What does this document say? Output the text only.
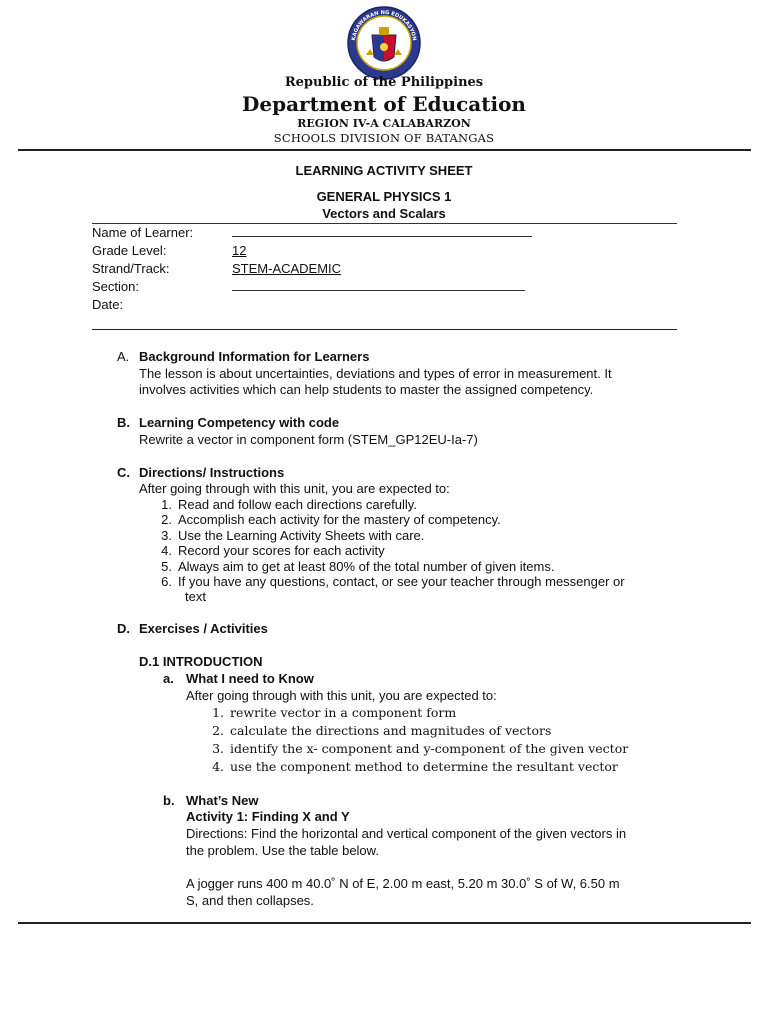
KAGAWARAN NG EDUKASYON
Republic of the Philippines
Department of Education
REGION IV-A CALABARZON
SCHOOLS DIVISION OF BATANGAS
LEARNING ACTIVITY SHEET
GENERAL PHYSICS 1
Vectors and Scalars
Name of Learner:
Grade Level:	12
Strand/Track:	STEM-ACADEMIC
Section:
Date:
A. Background Information for Learners
The lesson is about uncertainties, deviations and types of error in measurement. It
involves activities which can help students to master the assigned competency.
B. Learning Competency with code
Rewrite a vector in component form (STEM_GP12EU-Ia-7)
C. Directions/ Instructions
After going through with this unit, you are expected to:
1. Read and follow each directions carefully.
2. Accomplish each activity for the mastery of competency.
3. Use the Learning Activity Sheets with care.
4. Record your scores for each activity
5. Always aim to get at least 80% of the total number of given items.
6. If you have any questions, contact, or see your teacher through messenger or
text
D. Exercises / Activities
D.1 INTRODUCTION
a. What I need to Know
After going through with this unit, you are expected to:
1. rewrite vector in a component form
2. calculate the directions and magnitudes of vectors
3. identify the x- component and y-component of the given vector
4. use the component method to determine the resultant vector
b. What’s New
Activity 1: Finding X and Y
Directions: Find the horizontal and vertical component of the given vectors in
the problem. Use the table below.
A jogger runs 400 m 40.0˚ N of E, 2.00 m east, 5.20 m 30.0˚ S of W, 6.50 m
S, and then collapses.
